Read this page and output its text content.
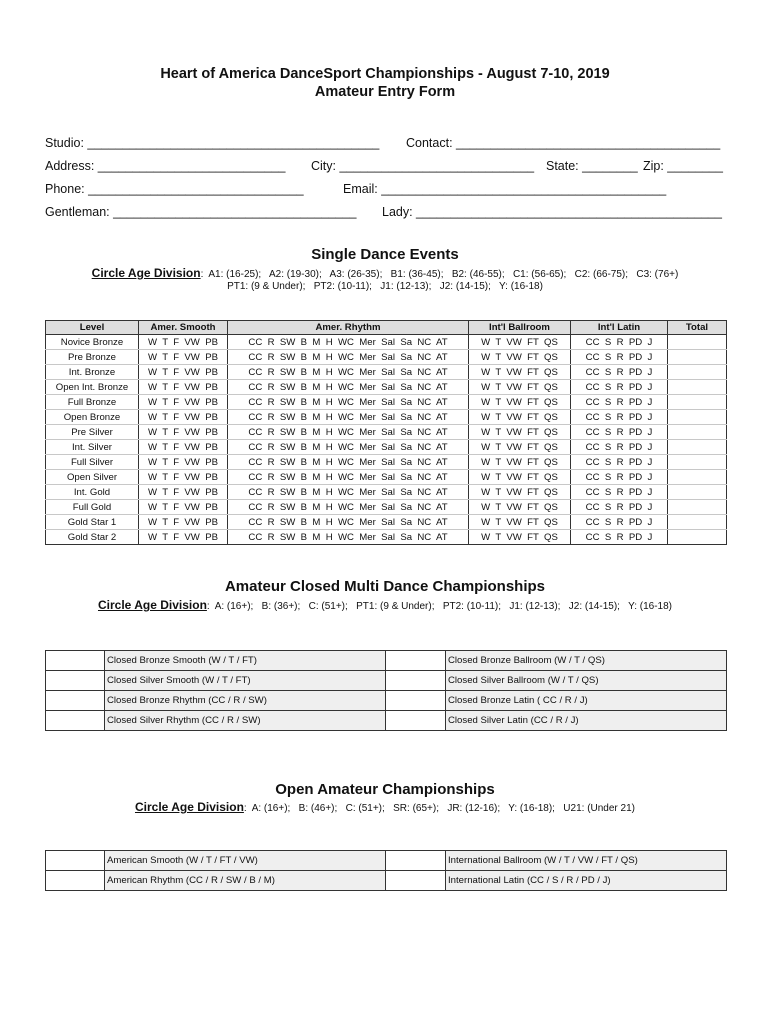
Heart of America DanceSport Championships - August 7-10, 2019
Amateur Entry Form
Studio: __________________________________________ Contact: ______________________________________
Address: ___________________________ City: ____________________________ State: ________ Zip: ________
Phone: _______________________________	Email: _________________________________________
Gentleman: ___________________________________ Lady: ____________________________________________
Single Dance Events
Circle Age Division:  A1: (16-25);   A2: (19-30);   A3: (26-35);   B1: (36-45);   B2: (46-55);   C1: (56-65);   C2: (66-75);   C3: (76+)
PT1: (9 & Under);   PT2: (10-11);   J1: (12-13);   J2: (14-15);   Y: (16-18)
Level	Amer. Smooth	Amer. Rhythm	Int'l Ballroom	Int'l Latin	Total
Novice Bronze	W  T  F  VW  PB	CC  R  SW  B  M  H  WC  Mer  Sal  Sa  NC  AT	W  T  VW  FT  QS	CC  S  R  PD  J	
Pre Bronze	W  T  F  VW  PB	CC  R  SW  B  M  H  WC  Mer  Sal  Sa  NC  AT	W  T  VW  FT  QS	CC  S  R  PD  J	
Int. Bronze	W  T  F  VW  PB	CC  R  SW  B  M  H  WC  Mer  Sal  Sa  NC  AT	W  T  VW  FT  QS	CC  S  R  PD  J	
Open Int. Bronze	W  T  F  VW  PB	CC  R  SW  B  M  H  WC  Mer  Sal  Sa  NC  AT	W  T  VW  FT  QS	CC  S  R  PD  J	
Full Bronze	W  T  F  VW  PB	CC  R  SW  B  M  H  WC  Mer  Sal  Sa  NC  AT	W  T  VW  FT  QS	CC  S  R  PD  J	
Open Bronze	W  T  F  VW  PB	CC  R  SW  B  M  H  WC  Mer  Sal  Sa  NC  AT	W  T  VW  FT  QS	CC  S  R  PD  J	
Pre Silver	W  T  F  VW  PB	CC  R  SW  B  M  H  WC  Mer  Sal  Sa  NC  AT	W  T  VW  FT  QS	CC  S  R  PD  J	
Int. Silver	W  T  F  VW  PB	CC  R  SW  B  M  H  WC  Mer  Sal  Sa  NC  AT	W  T  VW  FT  QS	CC  S  R  PD  J	
Full Silver	W  T  F  VW  PB	CC  R  SW  B  M  H  WC  Mer  Sal  Sa  NC  AT	W  T  VW  FT  QS	CC  S  R  PD  J	
Open Silver	W  T  F  VW  PB	CC  R  SW  B  M  H  WC  Mer  Sal  Sa  NC  AT	W  T  VW  FT  QS	CC  S  R  PD  J	
Int. Gold	W  T  F  VW  PB	CC  R  SW  B  M  H  WC  Mer  Sal  Sa  NC  AT	W  T  VW  FT  QS	CC  S  R  PD  J	
Full Gold	W  T  F  VW  PB	CC  R  SW  B  M  H  WC  Mer  Sal  Sa  NC  AT	W  T  VW  FT  QS	CC  S  R  PD  J	
Gold Star 1	W  T  F  VW  PB	CC  R  SW  B  M  H  WC  Mer  Sal  Sa  NC  AT	W  T  VW  FT  QS	CC  S  R  PD  J	
Gold Star 2	W  T  F  VW  PB	CC  R  SW  B  M  H  WC  Mer  Sal  Sa  NC  AT	W  T  VW  FT  QS	CC  S  R  PD  J	
Amateur Closed Multi Dance Championships
Circle Age Division:  A: (16+);   B: (36+);   C: (51+);   PT1: (9 & Under);   PT2: (10-11);   J1: (12-13);   J2: (14-15);   Y: (16-18)
	Closed Bronze Smooth (W / T / FT)		Closed Bronze Ballroom (W / T / QS)
	Closed Silver Smooth (W / T / FT)		Closed Silver Ballroom (W / T / QS)
	Closed Bronze Rhythm (CC / R / SW)		Closed Bronze Latin ( CC / R / J)
	Closed Silver Rhythm (CC / R / SW)		Closed Silver Latin (CC / R / J)
Open Amateur Championships
Circle Age Division:  A: (16+);   B: (46+);   C: (51+);   SR: (65+);   JR: (12-16);   Y: (16-18);   U21: (Under 21)
	American Smooth (W / T / FT / VW)		International Ballroom (W / T / VW / FT / QS)
	American Rhythm (CC / R / SW / B / M)		International Latin (CC / S / R / PD / J)
